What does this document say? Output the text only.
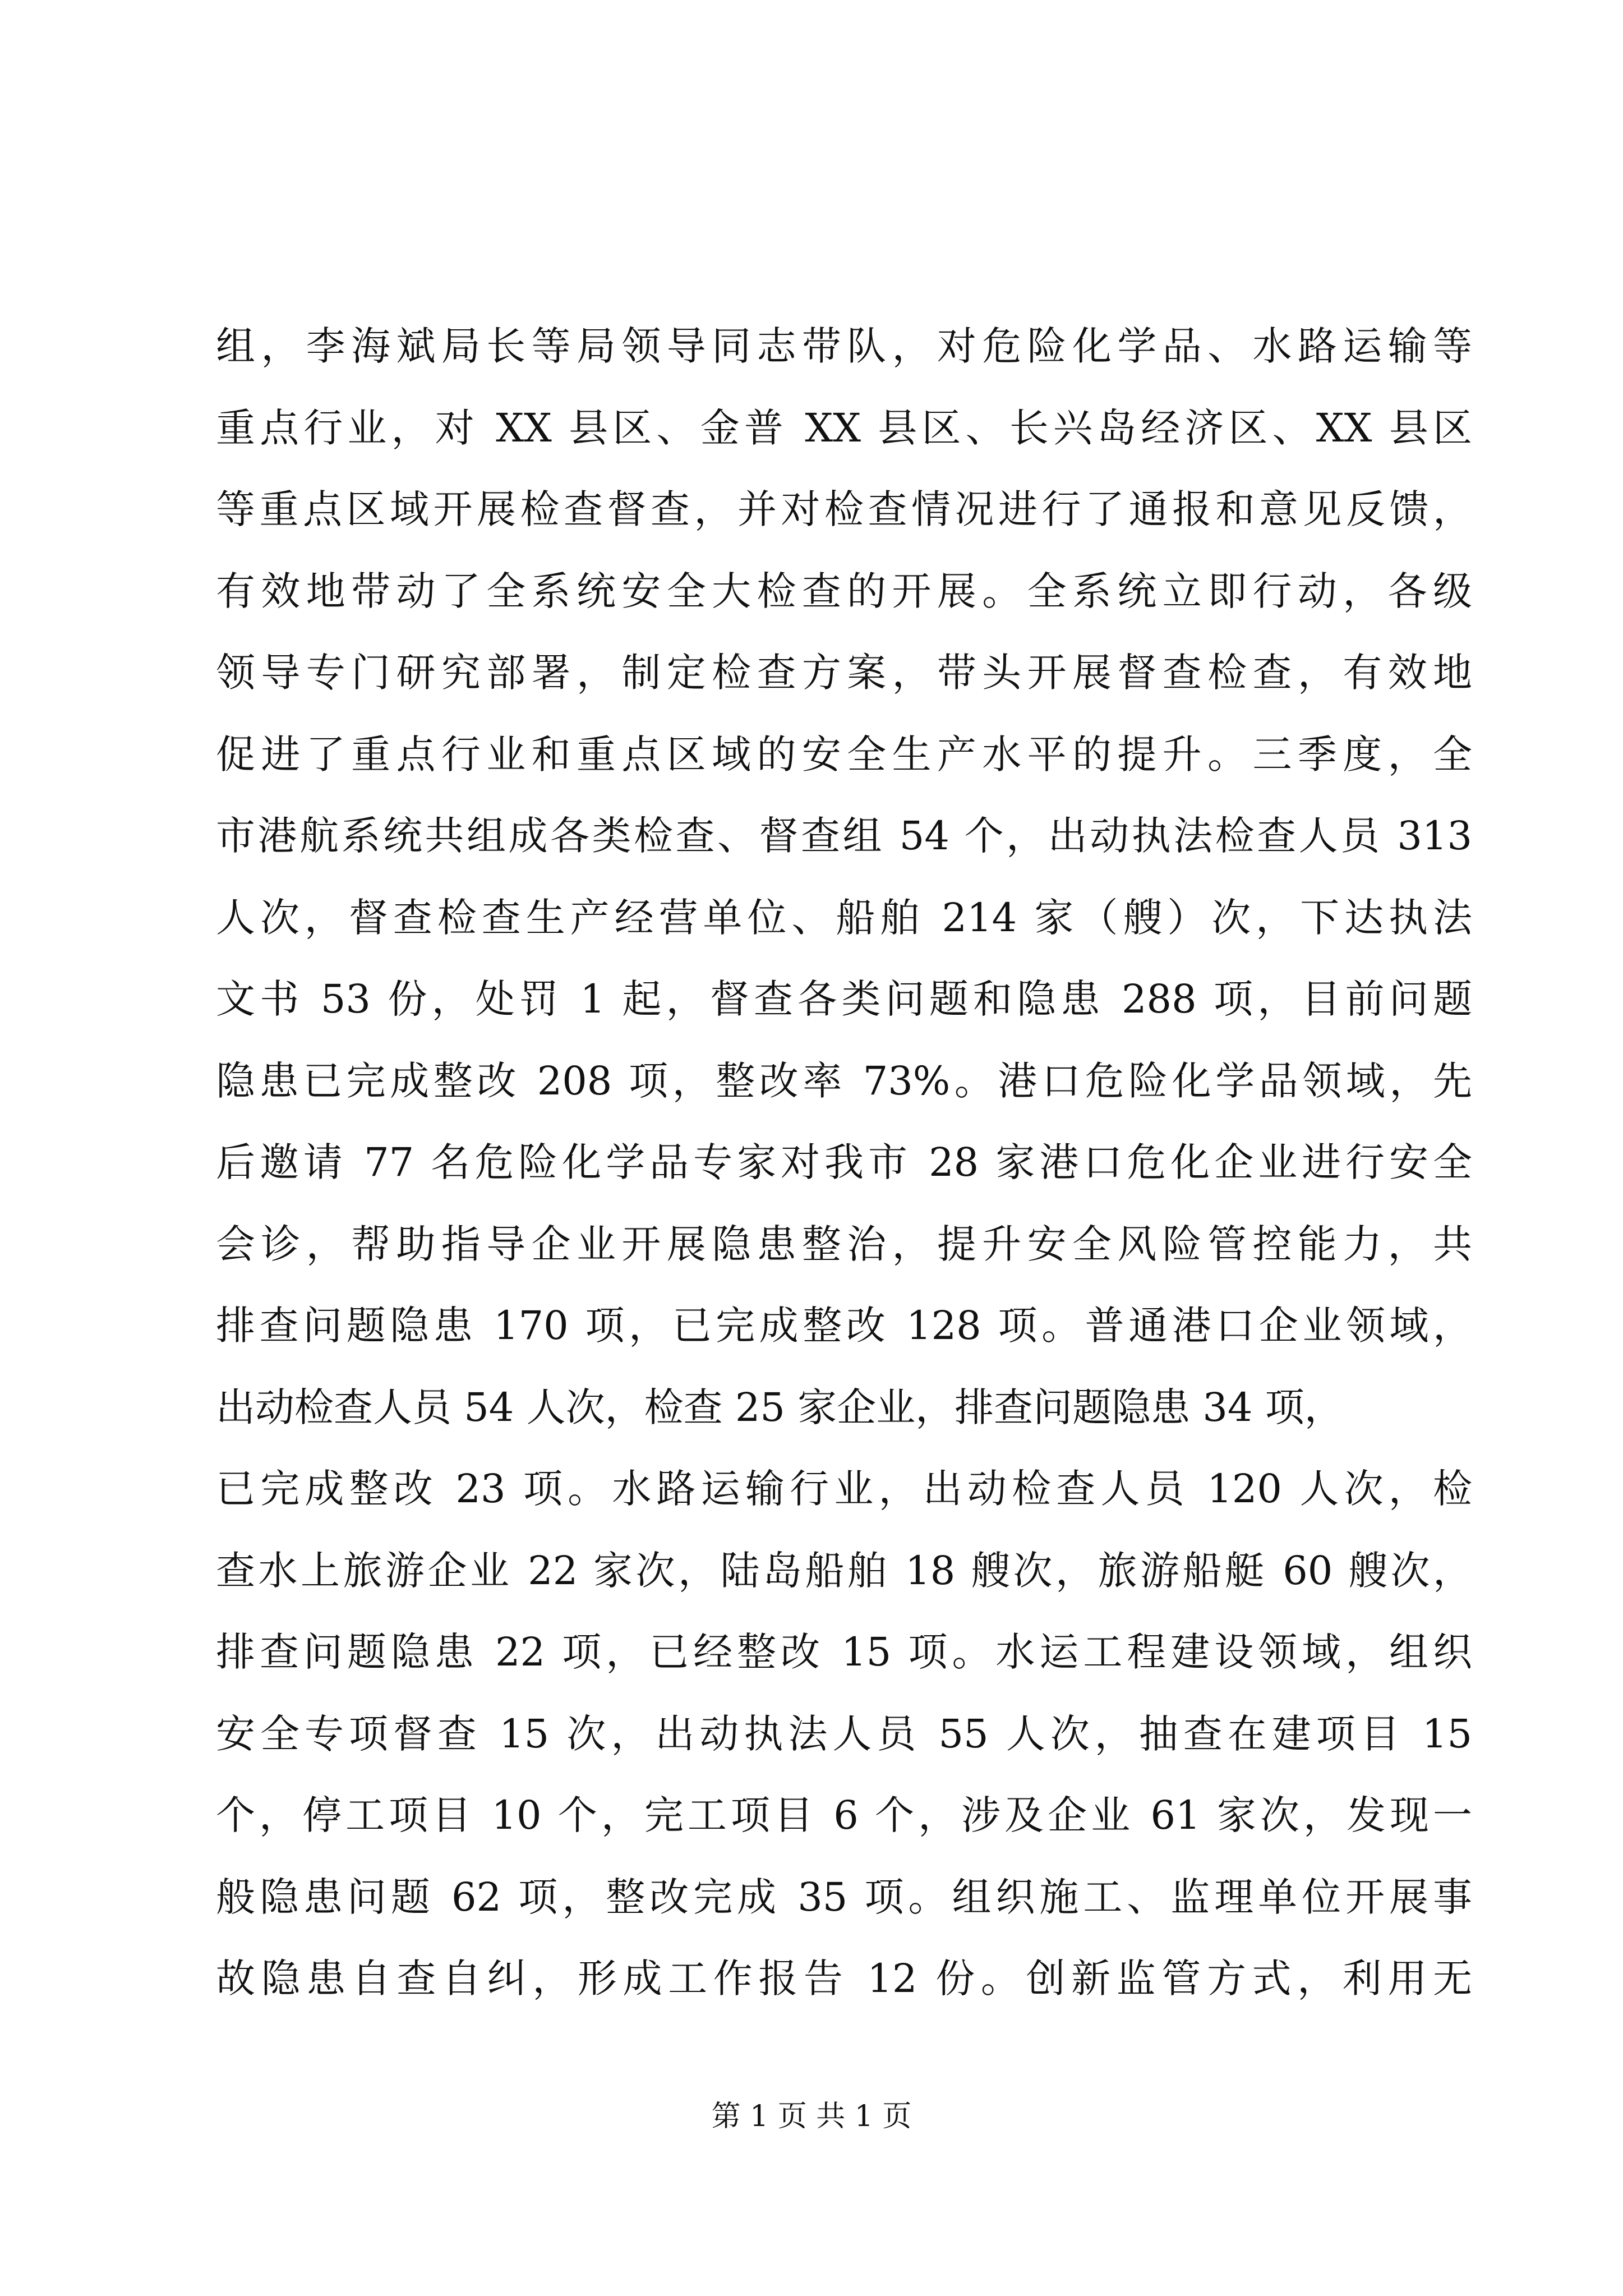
组，李海斌局长等局领导同志带队，对危险化学品、水路运输等
重点行业，对 XX 县区、金普 XX 县区、长兴岛经济区、XX 县区
等重点区域开展检查督查，并对检查情况进行了通报和意见反馈，
有效地带动了全系统安全大检查的开展。全系统立即行动，各级
领导专门研究部署，制定检查方案，带头开展督查检查，有效地
促进了重点行业和重点区域的安全生产水平的提升。三季度，全
市港航系统共组成各类检查、督查组 54 个，出动执法检查人员 313
人次，督查检查生产经营单位、船舶 214 家（艘）次，下达执法
文书 53 份，处罚 1 起，督查各类问题和隐患 288 项，目前问题
隐患已完成整改 208 项，整改率 73%。港口危险化学品领域，先
后邀请 77 名危险化学品专家对我市 28 家港口危化企业进行安全
会诊，帮助指导企业开展隐患整治，提升安全风险管控能力，共
排查问题隐患 170 项，已完成整改 128 项。普通港口企业领域，
出动检查人员 54 人次，检查 25 家企业，排查问题隐患 34 项，
已完成整改 23 项。水路运输行业，出动检查人员 120 人次，检
查水上旅游企业 22 家次，陆岛船舶 18 艘次，旅游船艇 60 艘次，
排查问题隐患 22 项，已经整改 15 项。水运工程建设领域，组织
安全专项督查 15 次，出动执法人员 55 人次，抽查在建项目 15
个，停工项目 10 个，完工项目 6 个，涉及企业 61 家次，发现一
般隐患问题 62 项，整改完成 35 项。组织施工、监理单位开展事
故隐患自查自纠，形成工作报告 12 份。创新监管方式，利用无
第 1 页 共 1 页
